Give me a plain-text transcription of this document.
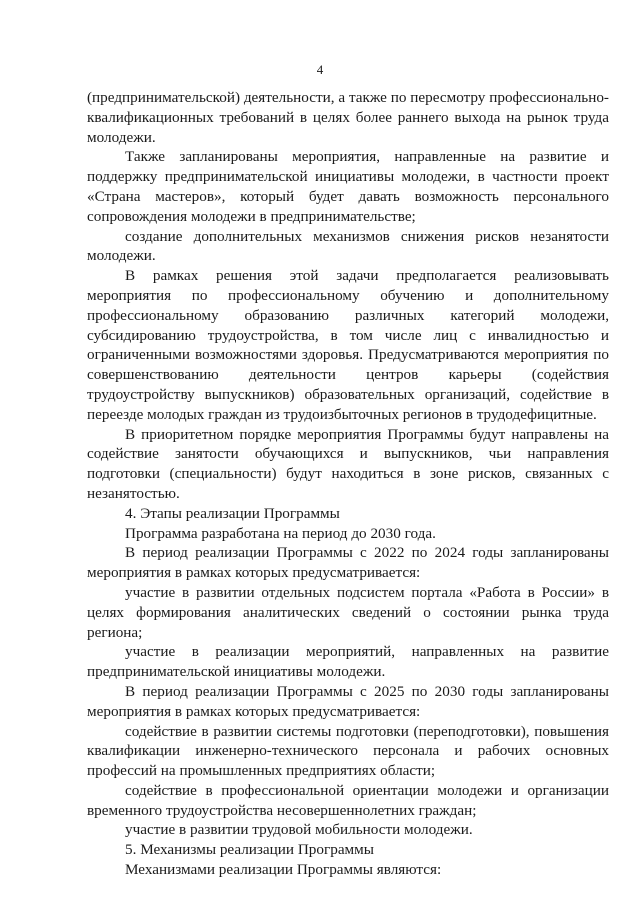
4

(предпринимательской) деятельности, а также по пересмотру профессионально-квалификационных требований в целях более раннего выхода на рынок труда молодежи.

Также запланированы мероприятия, направленные на развитие и поддержку предпринимательской инициативы молодежи, в частности проект «Страна мастеров», который будет давать возможность персонального сопровождения молодежи в предпринимательстве;

создание дополнительных механизмов снижения рисков незанятости молодежи.

В рамках решения этой задачи предполагается реализовывать мероприятия по профессиональному обучению и дополнительному профессиональному образованию различных категорий молодежи, субсидированию трудоустройства, в том числе лиц с инвалидностью и ограниченными возможностями здоровья. Предусматриваются мероприятия по совершенствованию деятельности центров карьеры (содействия трудоустройству выпускников) образовательных организаций, содействие в переезде молодых граждан из трудоизбыточных регионов в трудодефицитные.

В приоритетном порядке мероприятия Программы будут направлены на содействие занятости обучающихся и выпускников, чьи направления подготовки (специальности) будут находиться в зоне рисков, связанных с незанятостью.

4. Этапы реализации Программы

Программа разработана на период до 2030 года.

В период реализации Программы с 2022 по 2024 годы запланированы мероприятия в рамках которых предусматривается:

участие в развитии отдельных подсистем портала «Работа в России» в целях формирования аналитических сведений о состоянии рынка труда региона;

участие в реализации мероприятий, направленных на развитие предпринимательской инициативы молодежи.

В период реализации Программы с 2025 по 2030 годы запланированы мероприятия в рамках которых предусматривается:

содействие в развитии системы подготовки (переподготовки), повышения квалификации инженерно-технического персонала и рабочих основных профессий на промышленных предприятиях области;

содействие в профессиональной ориентации молодежи и организации временного трудоустройства несовершеннолетних граждан;

участие в развитии трудовой мобильности молодежи.

5. Механизмы реализации Программы

Механизмами реализации Программы являются:
